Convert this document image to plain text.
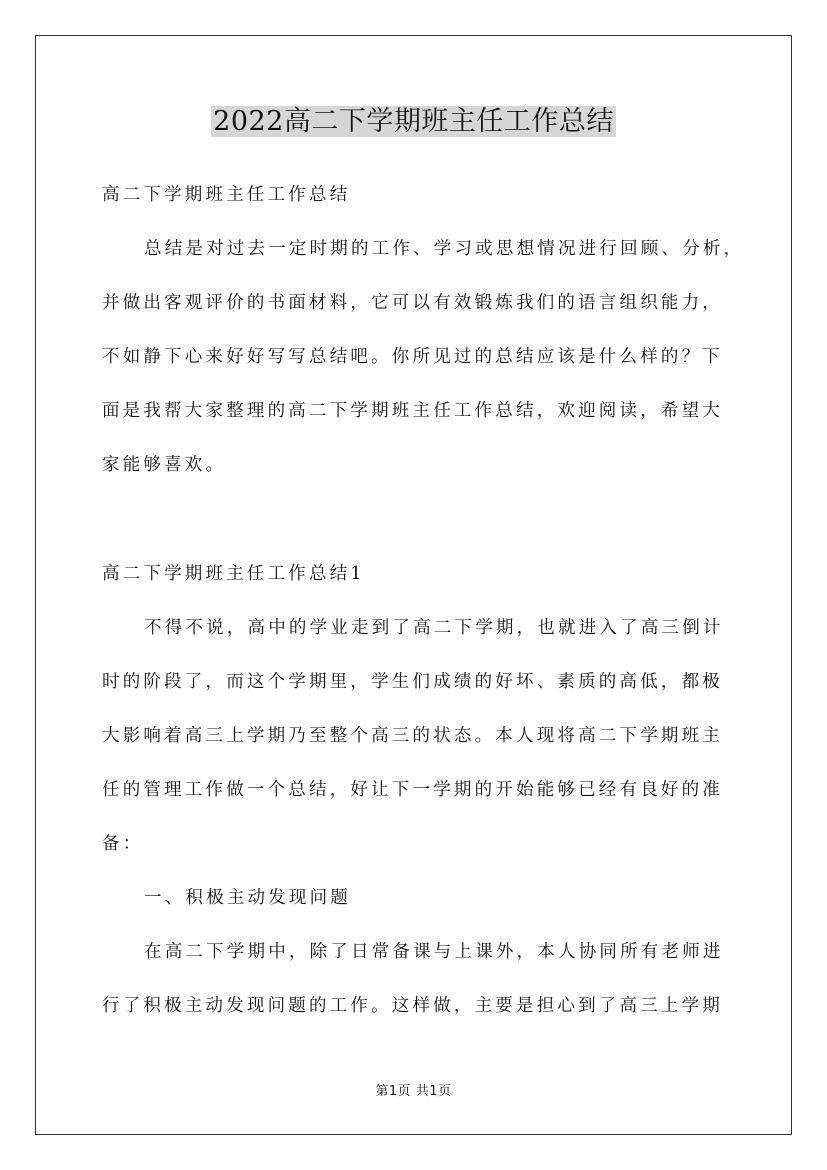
2022高二下学期班主任工作总结
高二下学期班主任工作总结
总结是对过去一定时期的工作、学习或思想情况进行回顾、分析，
并做出客观评价的书面材料，它可以有效锻炼我们的语言组织能力，
不如静下心来好好写写总结吧。你所见过的总结应该是什么样的？下
面是我帮大家整理的高二下学期班主任工作总结，欢迎阅读，希望大
家能够喜欢。
高二下学期班主任工作总结1
不得不说，高中的学业走到了高二下学期，也就进入了高三倒计
时的阶段了，而这个学期里，学生们成绩的好坏、素质的高低，都极
大影响着高三上学期乃至整个高三的状态。本人现将高二下学期班主
任的管理工作做一个总结，好让下一学期的开始能够已经有良好的准
备：
一、积极主动发现问题
在高二下学期中，除了日常备课与上课外，本人协同所有老师进
行了积极主动发现问题的工作。这样做，主要是担心到了高三上学期
第1页 共1页
